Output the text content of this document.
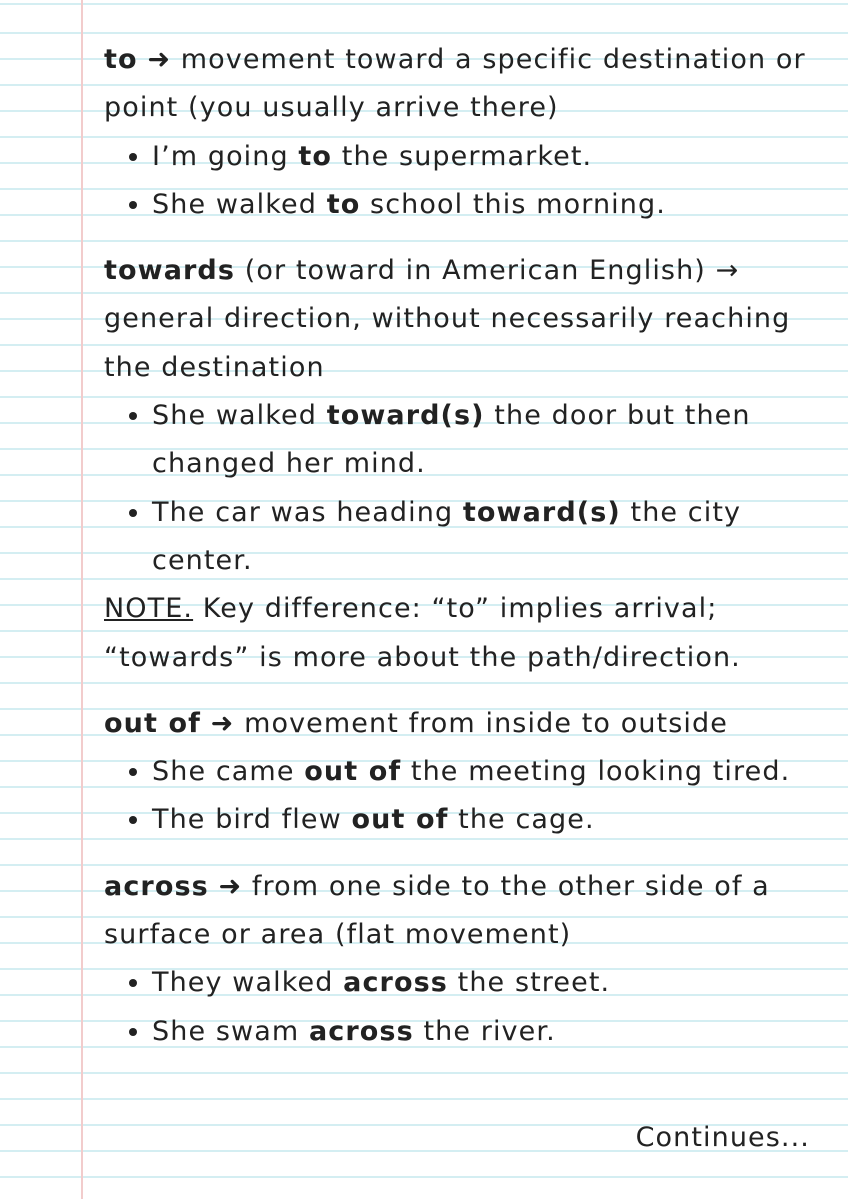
to ➜ movement toward a specific destination or point (you usually arrive there)

• I’m going to the supermarket.
• She walked to school this morning.

towards (or toward in American English) → general direction, without necessarily reaching the destination

• She walked toward(s) the door but then changed her mind.
• The car was heading toward(s) the city center.

NOTE. Key difference: “to” implies arrival; “towards” is more about the path/direction.

out of ➜ movement from inside to outside

• She came out of the meeting looking tired.
• The bird flew out of the cage.

across ➜ from one side to the other side of a surface or area (flat movement)

• They walked across the street.
• She swam across the river.
Continues...
